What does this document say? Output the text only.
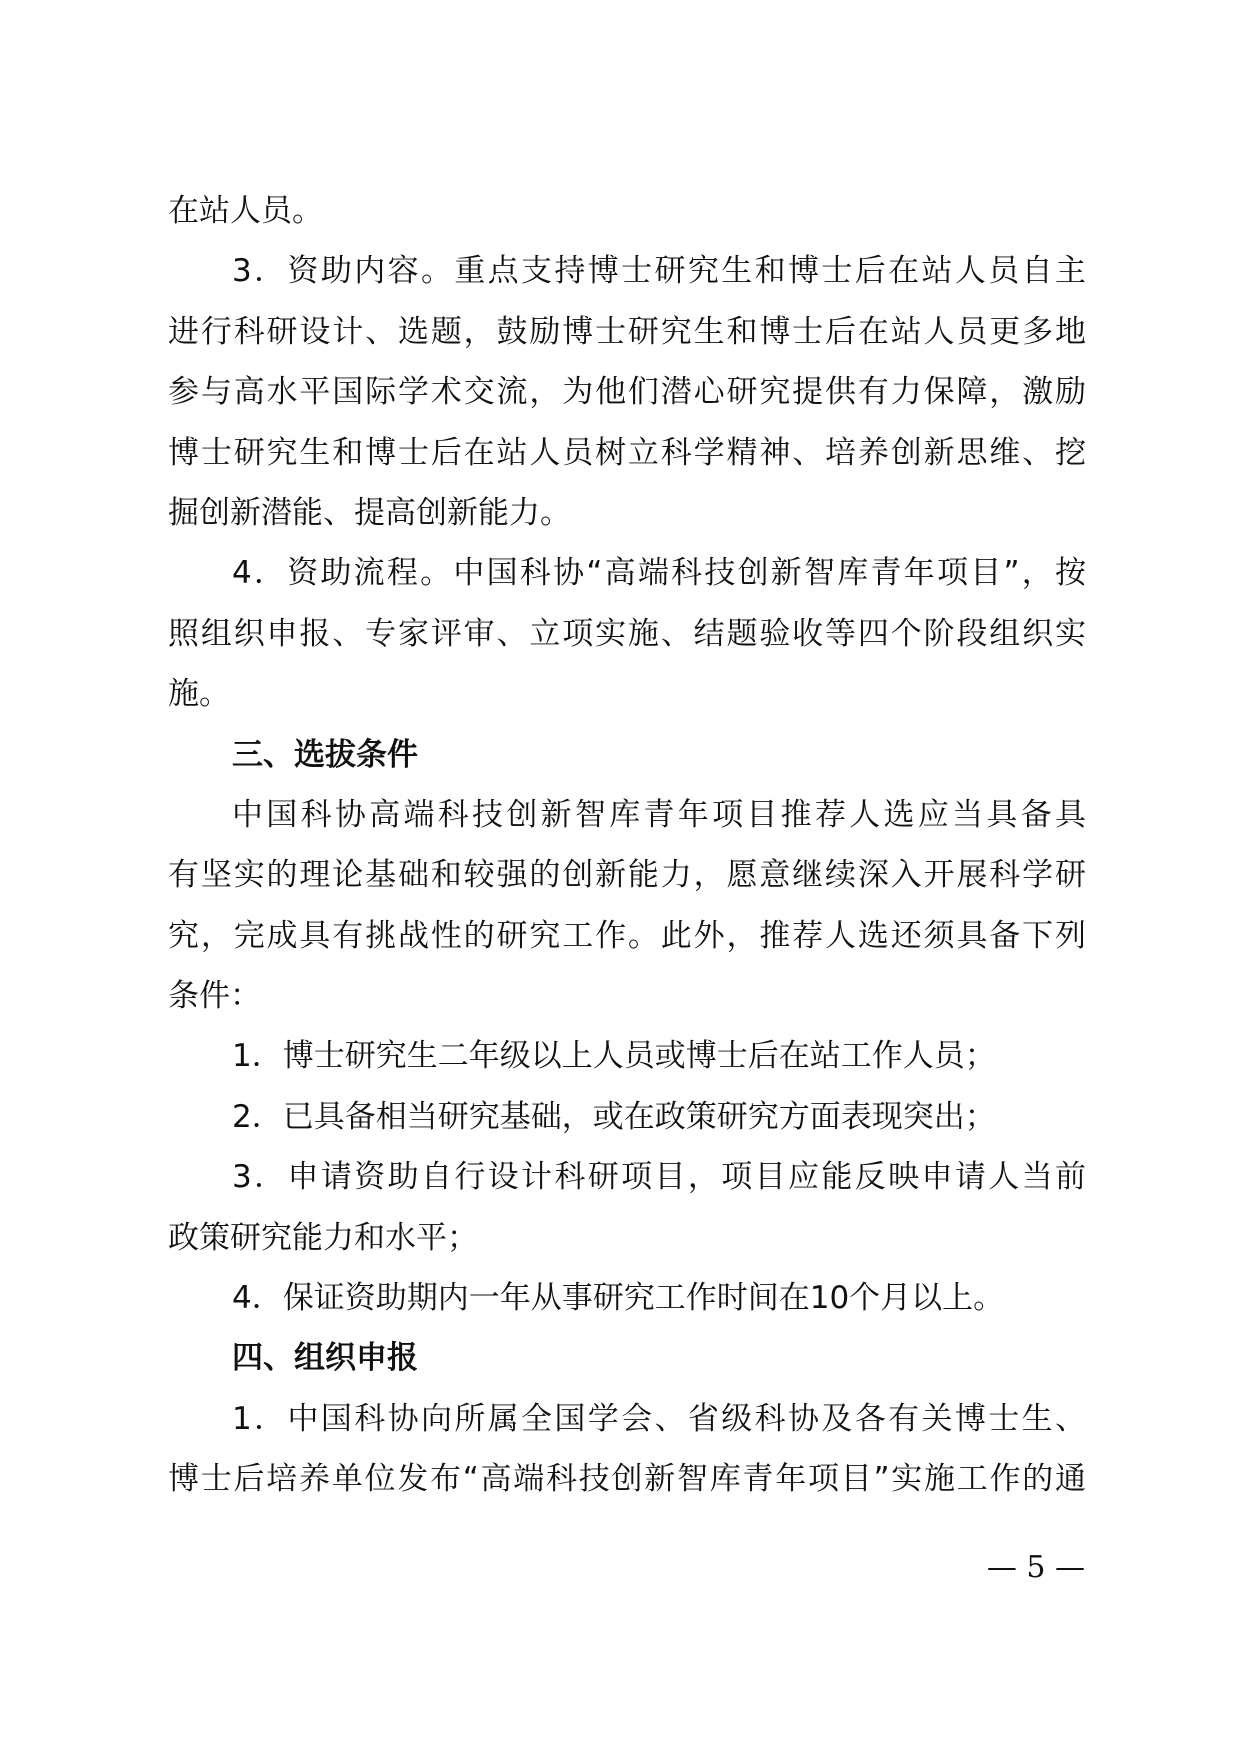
在站人员。
3．资助内容。重点支持博士研究生和博士后在站人员自主
进行科研设计、选题，鼓励博士研究生和博士后在站人员更多地
参与高水平国际学术交流，为他们潜心研究提供有力保障，激励
博士研究生和博士后在站人员树立科学精神、培养创新思维、挖
掘创新潜能、提高创新能力。
4．资助流程。中国科协“高端科技创新智库青年项目”，按
照组织申报、专家评审、立项实施、结题验收等四个阶段组织实
施。
三、选拔条件
中国科协高端科技创新智库青年项目推荐人选应当具备具
有坚实的理论基础和较强的创新能力，愿意继续深入开展科学研
究，完成具有挑战性的研究工作。此外，推荐人选还须具备下列
条件：
1．博士研究生二年级以上人员或博士后在站工作人员；
2．已具备相当研究基础，或在政策研究方面表现突出；
3．申请资助自行设计科研项目，项目应能反映申请人当前
政策研究能力和水平；
4．保证资助期内一年从事研究工作时间在10个月以上。
四、组织申报
1．中国科协向所属全国学会、省级科协及各有关博士生、
博士后培养单位发布“高端科技创新智库青年项目”实施工作的通
— 5 —
